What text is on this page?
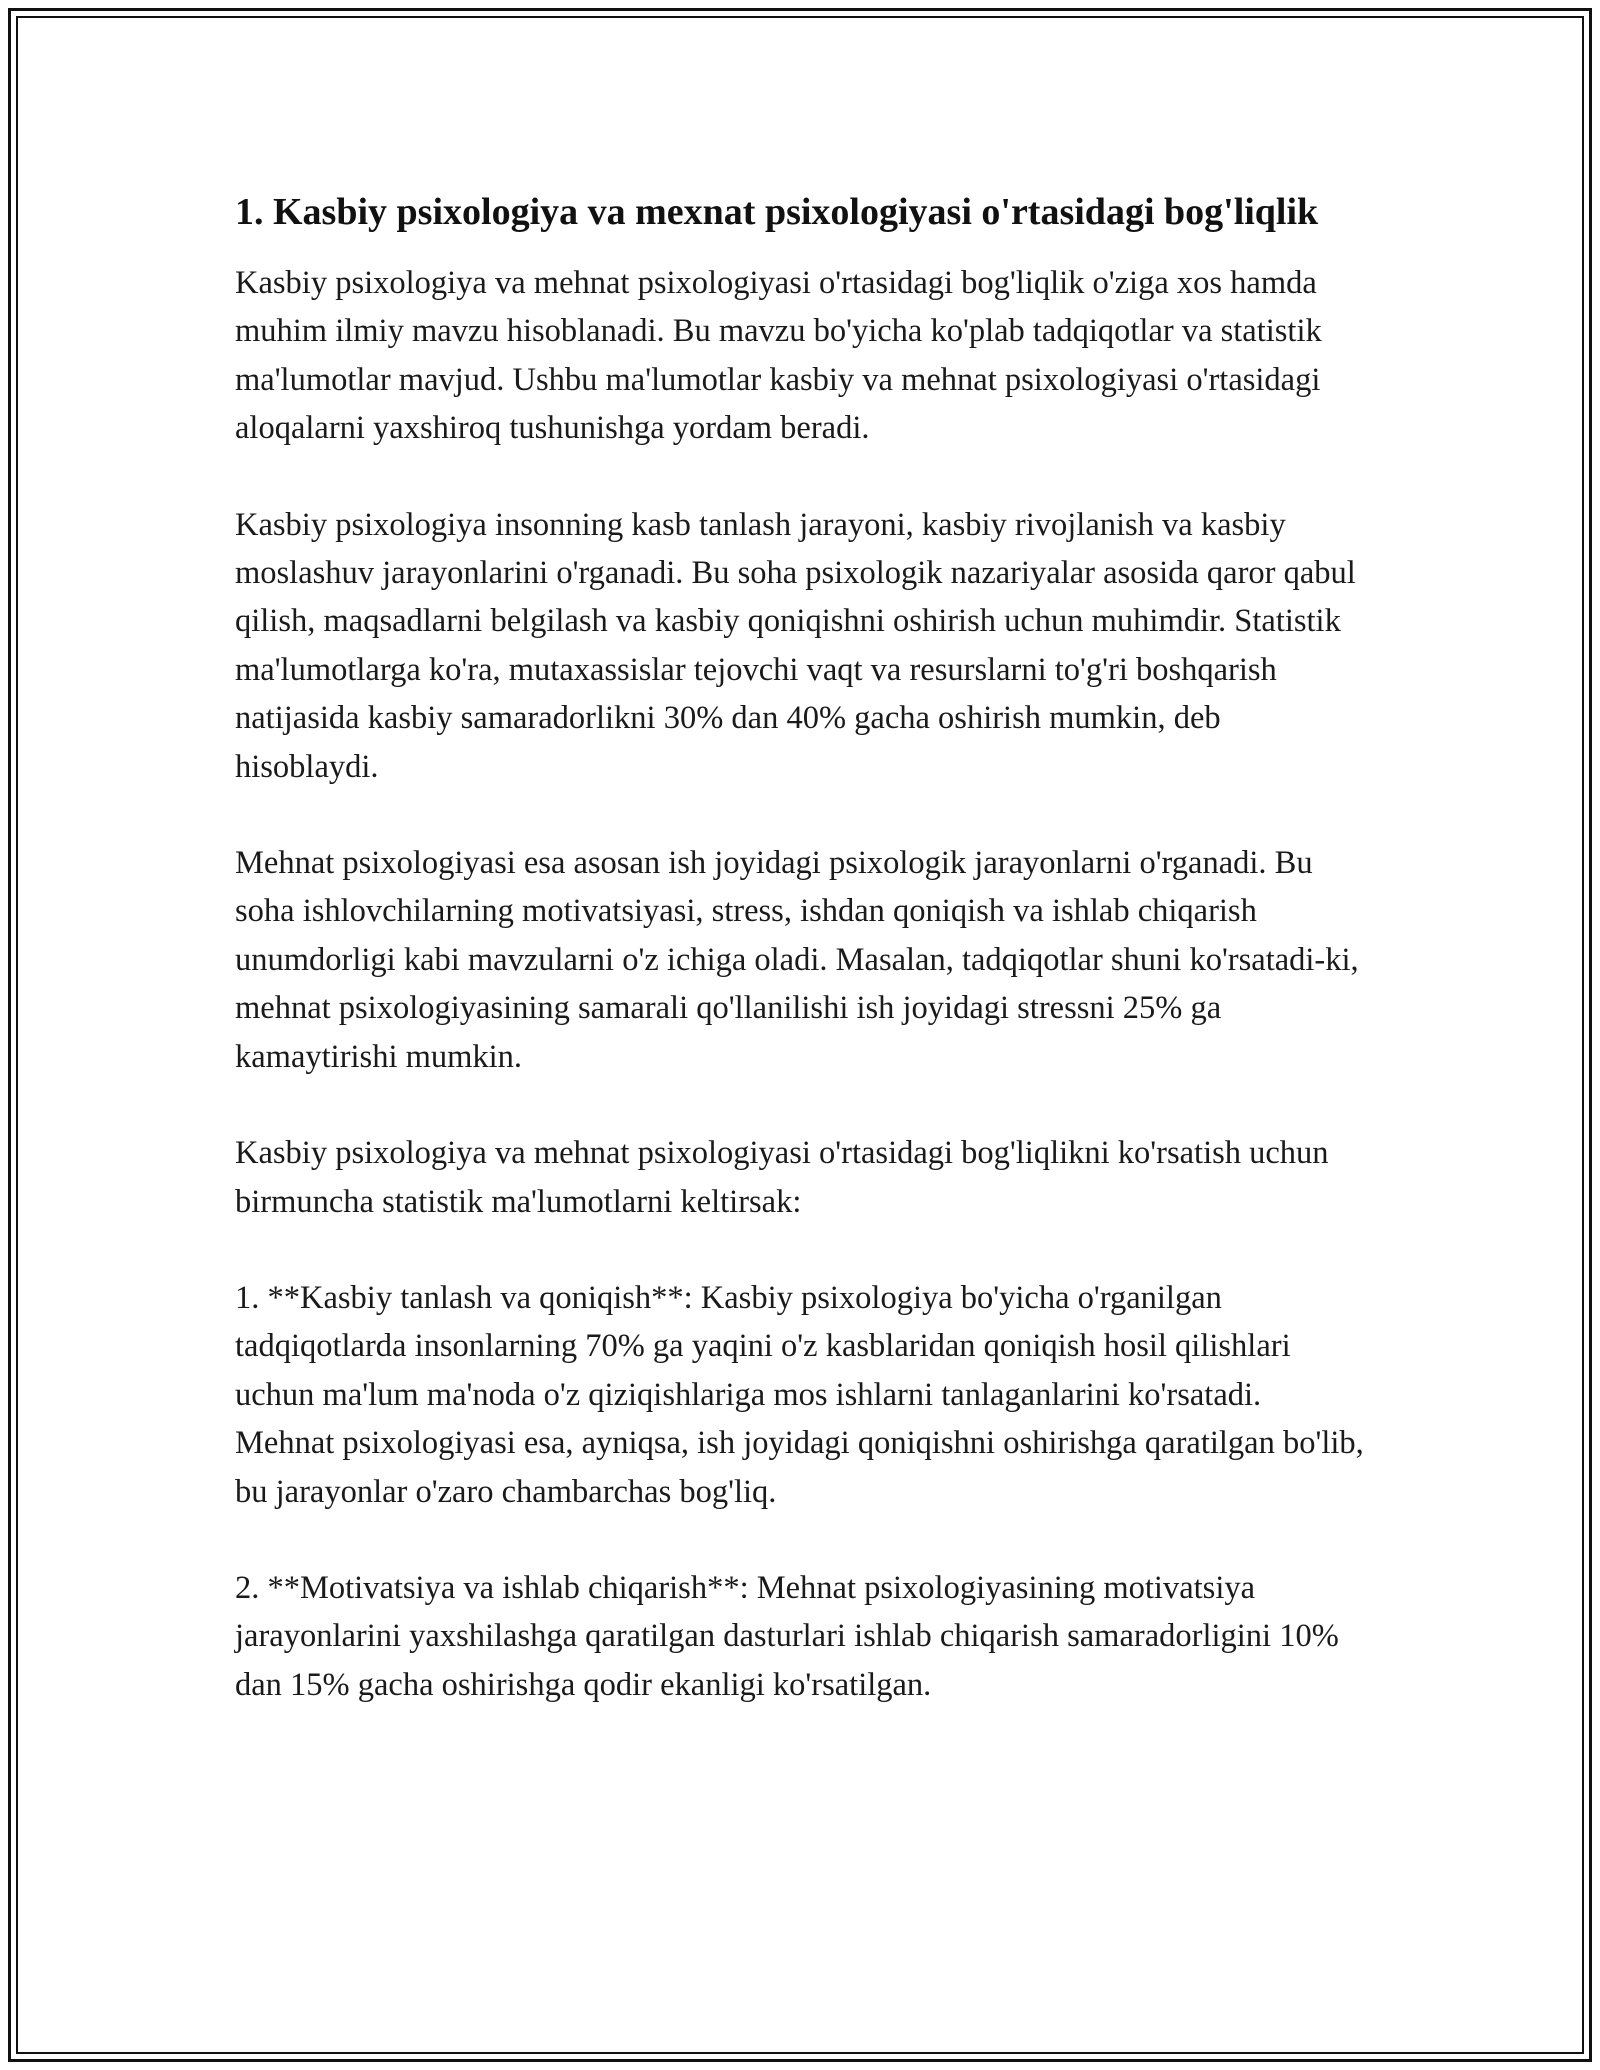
1. Kasbiy psixologiya va mexnat psixologiyasi o'rtasidagi bog'liqlik

Kasbiy psixologiya va mehnat psixologiyasi o'rtasidagi bog'liqlik o'ziga xos hamda muhim ilmiy mavzu hisoblanadi. Bu mavzu bo'yicha ko'plab tadqiqotlar va statistik ma'lumotlar mavjud. Ushbu ma'lumotlar kasbiy va mehnat psixologiyasi o'rtasidagi aloqalarni yaxshiroq tushunishga yordam beradi.

Kasbiy psixologiya insonning kasb tanlash jarayoni, kasbiy rivojlanish va kasbiy moslashuv jarayonlarini o'rganadi. Bu soha psixologik nazariyalar asosida qaror qabul qilish, maqsadlarni belgilash va kasbiy qoniqishni oshirish uchun muhimdir. Statistik ma'lumotlarga ko'ra, mutaxassislar tejovchi vaqt va resurslarni to'g'ri boshqarish natijasida kasbiy samaradorlikni 30% dan 40% gacha oshirish mumkin, deb hisoblaydi.

Mehnat psixologiyasi esa asosan ish joyidagi psixologik jarayonlarni o'rganadi. Bu soha ishlovchilarning motivatsiyasi, stress, ishdan qoniqish va ishlab chiqarish unumdorligi kabi mavzularni o'z ichiga oladi. Masalan, tadqiqotlar shuni ko'rsatadi-ki, mehnat psixologiyasining samarali qo'llanilishi ish joyidagi stressni 25% ga kamaytirishi mumkin.

Kasbiy psixologiya va mehnat psixologiyasi o'rtasidagi bog'liqlikni ko'rsatish uchun birmuncha statistik ma'lumotlarni keltirsak:

1. **Kasbiy tanlash va qoniqish**: Kasbiy psixologiya bo'yicha o'rganilgan tadqiqotlarda insonlarning 70% ga yaqini o'z kasblaridan qoniqish hosil qilishlari uchun ma'lum ma'noda o'z qiziqishlariga mos ishlarni tanlaganlarini ko'rsatadi. Mehnat psixologiyasi esa, ayniqsa, ish joyidagi qoniqishni oshirishga qaratilgan bo'lib, bu jarayonlar o'zaro chambarchas bog'liq.

2. **Motivatsiya va ishlab chiqarish**: Mehnat psixologiyasining motivatsiya jarayonlarini yaxshilashga qaratilgan dasturlari ishlab chiqarish samaradorligini 10% dan 15% gacha oshirishga qodir ekanligi ko'rsatilgan.
